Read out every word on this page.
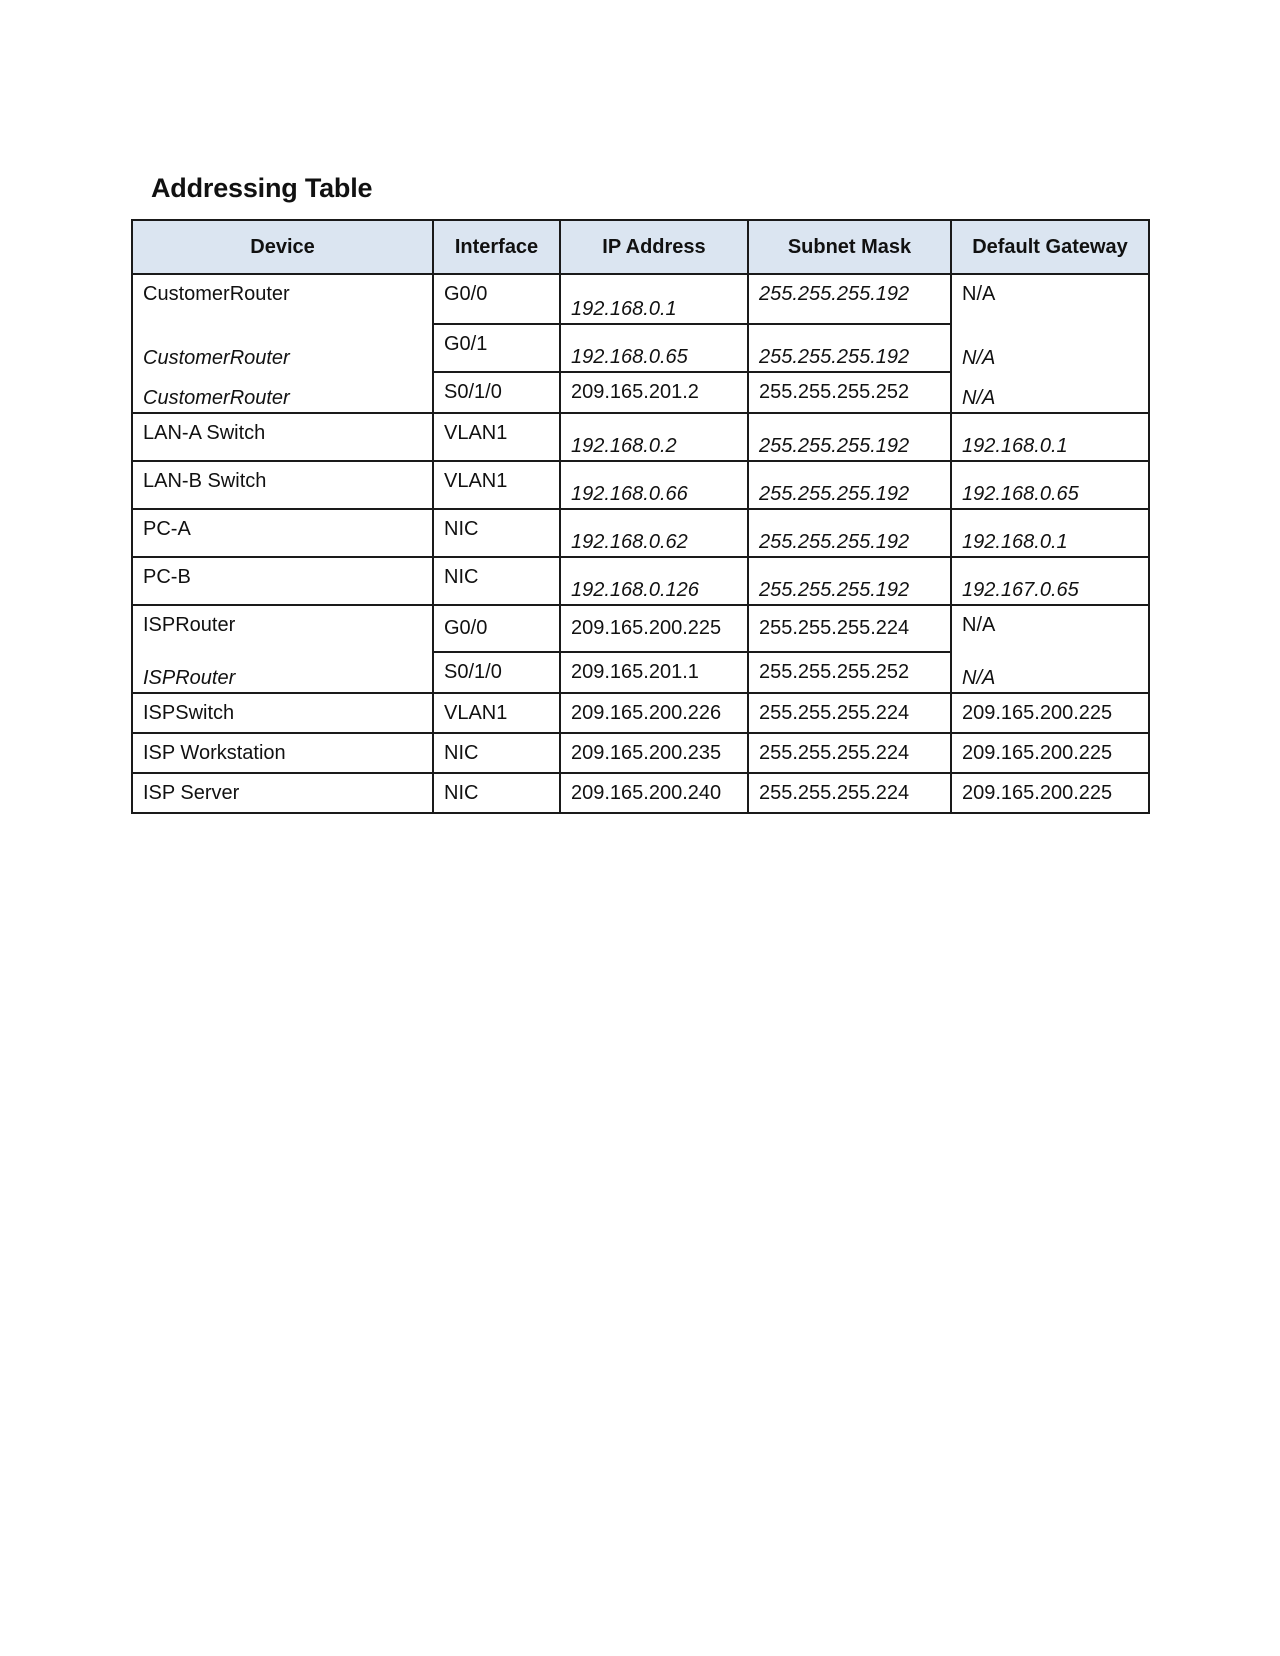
Addressing Table
Device	Interface	IP Address	Subnet Mask	Default Gateway
CustomerRouter	G0/0	192.168.0.1	255.255.255.192	N/A
CustomerRouter	G0/1	192.168.0.65	255.255.255.192	N/A
CustomerRouter	S0/1/0	209.165.201.2	255.255.255.252	N/A
LAN-A Switch	VLAN1	192.168.0.2	255.255.255.192	192.168.0.1
LAN-B Switch	VLAN1	192.168.0.66	255.255.255.192	192.168.0.65
PC-A	NIC	192.168.0.62	255.255.255.192	192.168.0.1
PC-B	NIC	192.168.0.126	255.255.255.192	192.167.0.65
ISPRouter	G0/0	209.165.200.225	255.255.255.224	N/A
ISPRouter	S0/1/0	209.165.201.1	255.255.255.252	N/A
ISPSwitch	VLAN1	209.165.200.226	255.255.255.224	209.165.200.225
ISP Workstation	NIC	209.165.200.235	255.255.255.224	209.165.200.225
ISP Server	NIC	209.165.200.240	255.255.255.224	209.165.200.225
